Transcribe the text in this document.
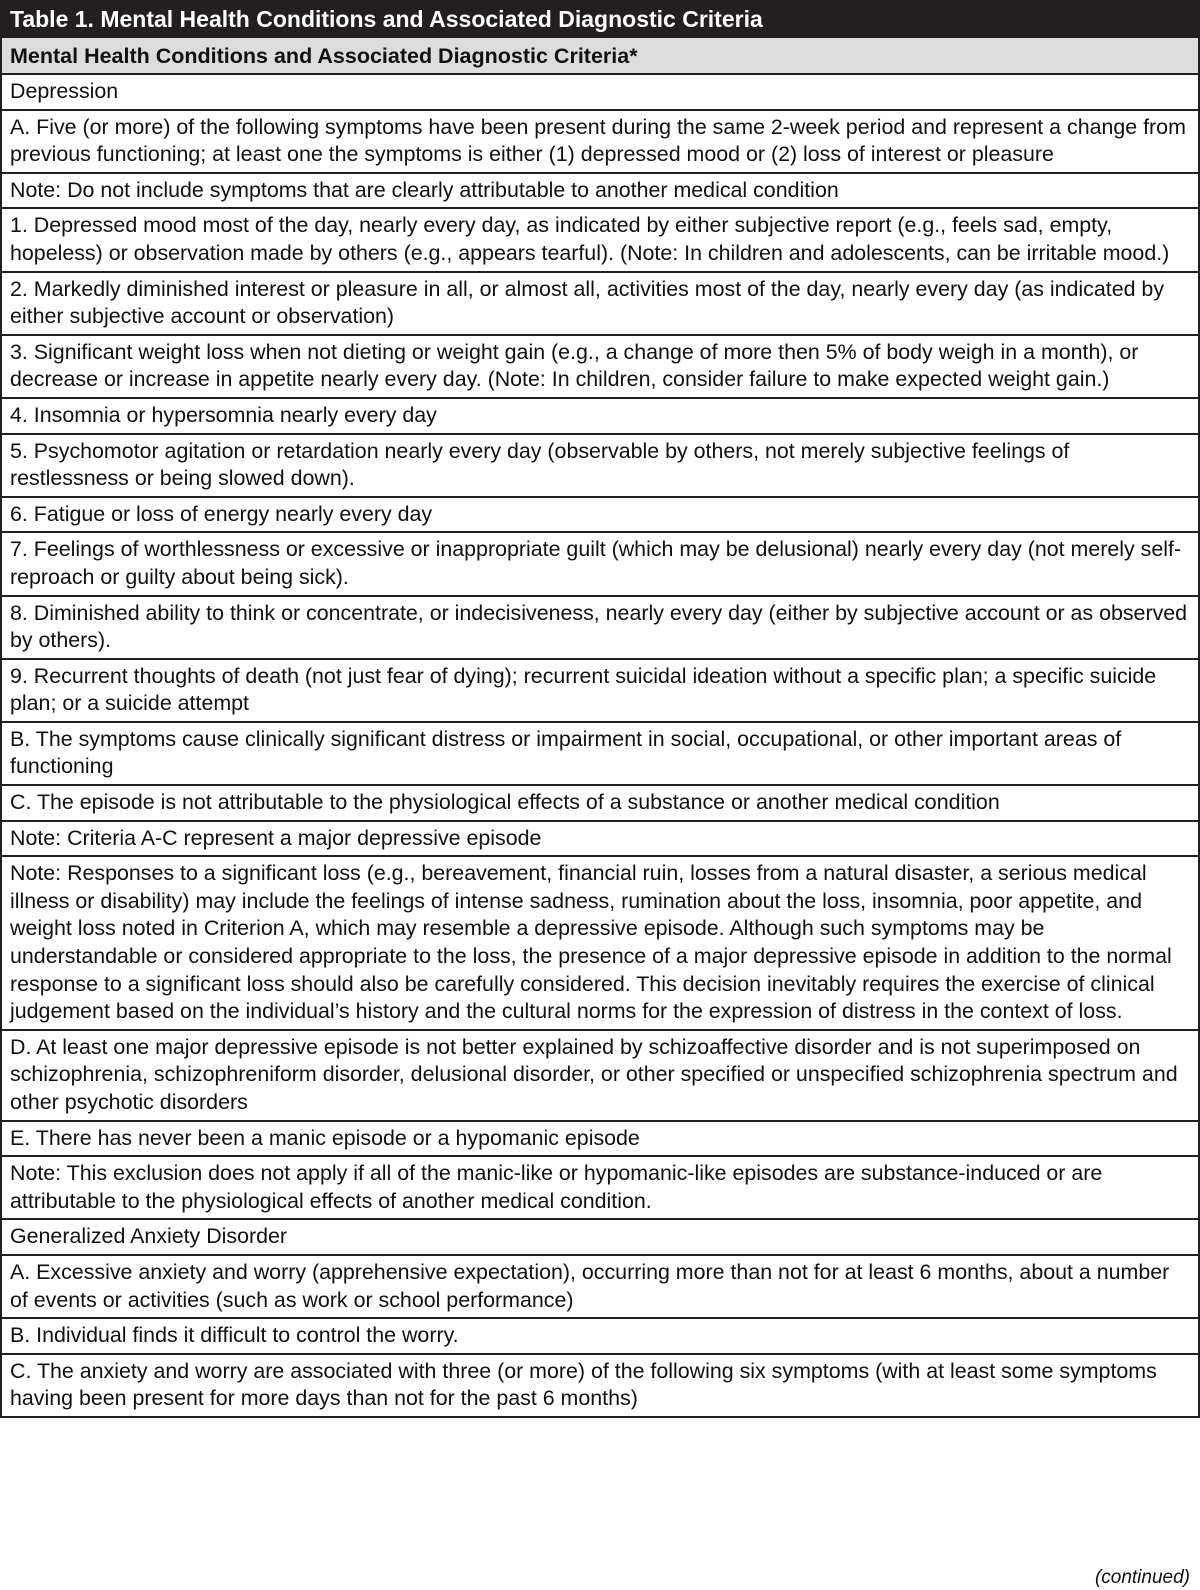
Table 1. Mental Health Conditions and Associated Diagnostic Criteria
Mental Health Conditions and Associated Diagnostic Criteria*
Depression
A. Five (or more) of the following symptoms have been present during the same 2-week period and represent a change from previous functioning; at least one the symptoms is either (1) depressed mood or (2) loss of interest or pleasure
Note: Do not include symptoms that are clearly attributable to another medical condition
1. Depressed mood most of the day, nearly every day, as indicated by either subjective report (e.g., feels sad, empty, hopeless) or observation made by others (e.g., appears tearful). (Note: In children and adolescents, can be irritable mood.)
2. Markedly diminished interest or pleasure in all, or almost all, activities most of the day, nearly every day (as indicated by either subjective account or observation)
3. Significant weight loss when not dieting or weight gain (e.g., a change of more then 5% of body weigh in a month), or decrease or increase in appetite nearly every day. (Note: In children, consider failure to make expected weight gain.)
4. Insomnia or hypersomnia nearly every day
5. Psychomotor agitation or retardation nearly every day (observable by others, not merely subjective feelings of restlessness or being slowed down).
6. Fatigue or loss of energy nearly every day
7. Feelings of worthlessness or excessive or inappropriate guilt (which may be delusional) nearly every day (not merely self-reproach or guilty about being sick).
8. Diminished ability to think or concentrate, or indecisiveness, nearly every day (either by subjective account or as observed by others).
9. Recurrent thoughts of death (not just fear of dying); recurrent suicidal ideation without a specific plan; a specific suicide plan; or a suicide attempt
B. The symptoms cause clinically significant distress or impairment in social, occupational, or other important areas of functioning
C. The episode is not attributable to the physiological effects of a substance or another medical condition
Note: Criteria A-C represent a major depressive episode
Note: Responses to a significant loss (e.g., bereavement, financial ruin, losses from a natural disaster, a serious medical illness or disability) may include the feelings of intense sadness, rumination about the loss, insomnia, poor appetite, and weight loss noted in Criterion A, which may resemble a depressive episode. Although such symptoms may be understandable or considered appropriate to the loss, the presence of a major depressive episode in addition to the normal response to a significant loss should also be carefully considered. This decision inevitably requires the exercise of clinical judgement based on the individual’s history and the cultural norms for the expression of distress in the context of loss.
D. At least one major depressive episode is not better explained by schizoaffective disorder and is not superimposed on schizophrenia, schizophreniform disorder, delusional disorder, or other specified or unspecified schizophrenia spectrum and other psychotic disorders
E. There has never been a manic episode or a hypomanic episode
Note: This exclusion does not apply if all of the manic-like or hypomanic-like episodes are substance-induced or are attributable to the physiological effects of another medical condition.
Generalized Anxiety Disorder
A. Excessive anxiety and worry (apprehensive expectation), occurring more than not for at least 6 months, about a number of events or activities (such as work or school performance)
B. Individual finds it difficult to control the worry.
C. The anxiety and worry are associated with three (or more) of the following six symptoms (with at least some symptoms having been present for more days than not for the past 6 months)
(continued)
